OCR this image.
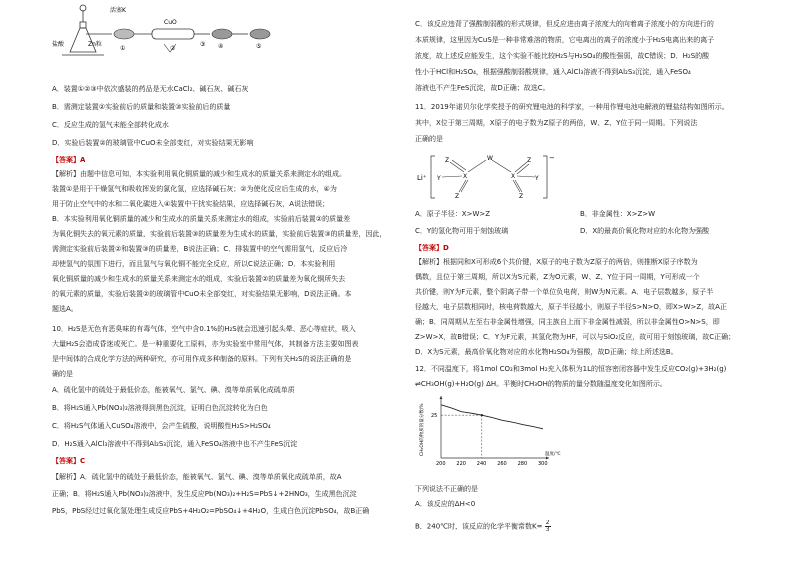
活塞K
CuO
盐酸	Zn粒
①	②
③ ④	⑤
A．装置①②③中依次盛装的药品是无水CaCl₂、碱石灰、碱石灰
B．需测定装置②实验前后的质量和装置③实验前后的质量
C．反应生成的氢气未能全部转化成水
D．实验后装置②的玻璃管中CuO未全部变红，对实验结果无影响
【答案】A
【解析】由题中信息可知，本实验利用氧化铜质量的减少和生成水的质量关系来测定水的组成。
装置①是用于干燥氢气和吸收挥发的氯化氢，应选择碱石灰；②为使化反应后生成的水，④为
用于防止空气中的水和二氧化碳进入④装置中干扰实验结果，应选择碱石灰，A说法错误；
B．本实验利用氧化铜质量的减少和生成水的质量关系来测定水的组成，实验前后装置②的质量差
为氧化铜失去的氧元素的质量，实验前后装置③的质量差为生成水的质量，实验前后装置③的质量差，因此，
需测定实验前后装置②和装置③的质量差，B说法正确；C．排装置中的空气需用氢气，反应后冷
却使氢气的氛围下进行，而且氢气与氧化铜不能完全反应，所以C说法正确；D．本实验利用
氧化铜质量的减少和生成水的质量关系来测定水的组成，实验后装置②的质量差为氧化铜所失去
的氧元素的质量，实验后装置②的玻璃管中CuO未全部变红，对实验结果无影响，D说法正确。本
题选A。
10．H₂S是无色有恶臭味的有毒气体，空气中含0.1%的H₂S就会迅速引起头晕、恶心等症状，吸入
大量H₂S会造成昏迷或死亡。是一种重要化工原料，亦为实验室中常用气体，其制备方法主要如图表
是中间体的合成化学方法的两种研究，亦可用作成多种制备的原料。下列有关H₂S的说法正确的是
确的是
A．硫化氢中的硫处于最低价态，能被氧气、氯气、碘、溴等单质氧化成硫单质
B．将H₂S通入Pb(NO₃)₂溶液得到黑色沉淀，证明白色沉淀转化为白色
C．将H₂S气体通入CuSO₄溶液中，会产生硫酸，说明酸性H₂S>H₂SO₄
D．H₂S通入AlCl₃溶液中不得到Al₂S₃沉淀，通入FeSO₄溶液中也不产生FeS沉淀
【答案】C
【解析】A．硫化氢中的硫处于最低价态，能被氧气、氯气、碘、溴等单质氧化成硫单质，故A
正确；B．将H₂S通入Pb(NO₃)₂溶液中，发生反应Pb(NO₃)₂+H₂S=PbS↓+2HNO₃，生成黑色沉淀
PbS，PbS经过过氧化氢处理生成反应PbS+4H₂O₂=PbSO₄↓+4H₂O，生成白色沉淀PbSO₄，故B正确
C．该反应违背了强酸制弱酸的形式规律，但反应进由离子浓度大的向着离子浓度小的方向进行的
本质规律，这里因为CuS是一种非常难溶的物质，它电离出的离子的浓度小于H₂S电离出来的离子
浓度，故上述反应能发生，这个实验不能比较H₂S与H₂SO₄的酸性强弱，故C错误；D．H₂S的酸
性小于HCl和H₂SO₄，根据强酸制弱酸规律，通入AlCl₃溶液不得到Al₂S₃沉淀，通入FeSO₄
溶液也不产生FeS沉淀，故D正确；故选C。
11．2019年诺贝尔化学奖授予的研究锂电池的科学家，一种用作锂电池电解液的锂盐结构如图所示。
其中，X位于第三周期，X原子的电子数为Z原子的两倍，W、Z、Y位于同一周期。下列说法
正确的是
Li⁺
−
Z	W	Z
Y	X	X	Y
Z	Z
A．原子半径：X>W>Z	B．非金属性：X>Z>W
C．Y的氢化物可用于刻蚀玻璃	D．X的最高价氧化物对应的水化物为强酸
【答案】D
【解析】根据同和X可形成6个共价键，X原子的电子数为Z原子的两倍，则推断X原子序数为
偶数，且位于第三周期，所以X为S元素，Z为O元素，W、Z、Y位于同一周期，Y可形成一个
共价键，则Y为F元素，整个阴离子带一个单位负电荷，则W为N元素。A．电子层数越多，原子半
径越大，电子层数相同时，核电荷数越大，原子半径越小，则原子半径S>N>O，即X>W>Z，故A正
确；B．同周期从左至右非金属性增强，同主族自上而下非金属性减弱，所以非金属性O>N>S，即
Z>W>X，故B错误；C．Y为F元素，其氢化物为HF，可以与SiO₂反应，故可用于刻蚀玻璃，故C正确；
D．X为S元素，最高价氧化物对应的水化物H₂SO₄为强酸，故D正确；综上所述选B。
12．不同温度下，将1mol CO₂和3mol H₂充入体积为1L的恒容密闭容器中发生反应CO₂(g)+3H₂(g)
⇌CH₃OH(g)+H₂O(g) ΔH。平衡时CH₃OH的物质的量分数随温度变化如图所示。
200 220 240 260 280 300
25
温度/℃
CH₃OH的物质的量分数/%
下列说法不正确的是
A．该反应的ΔH<0
B．240℃时，该反应的化学平衡常数$K= \frac{2}{3}$
